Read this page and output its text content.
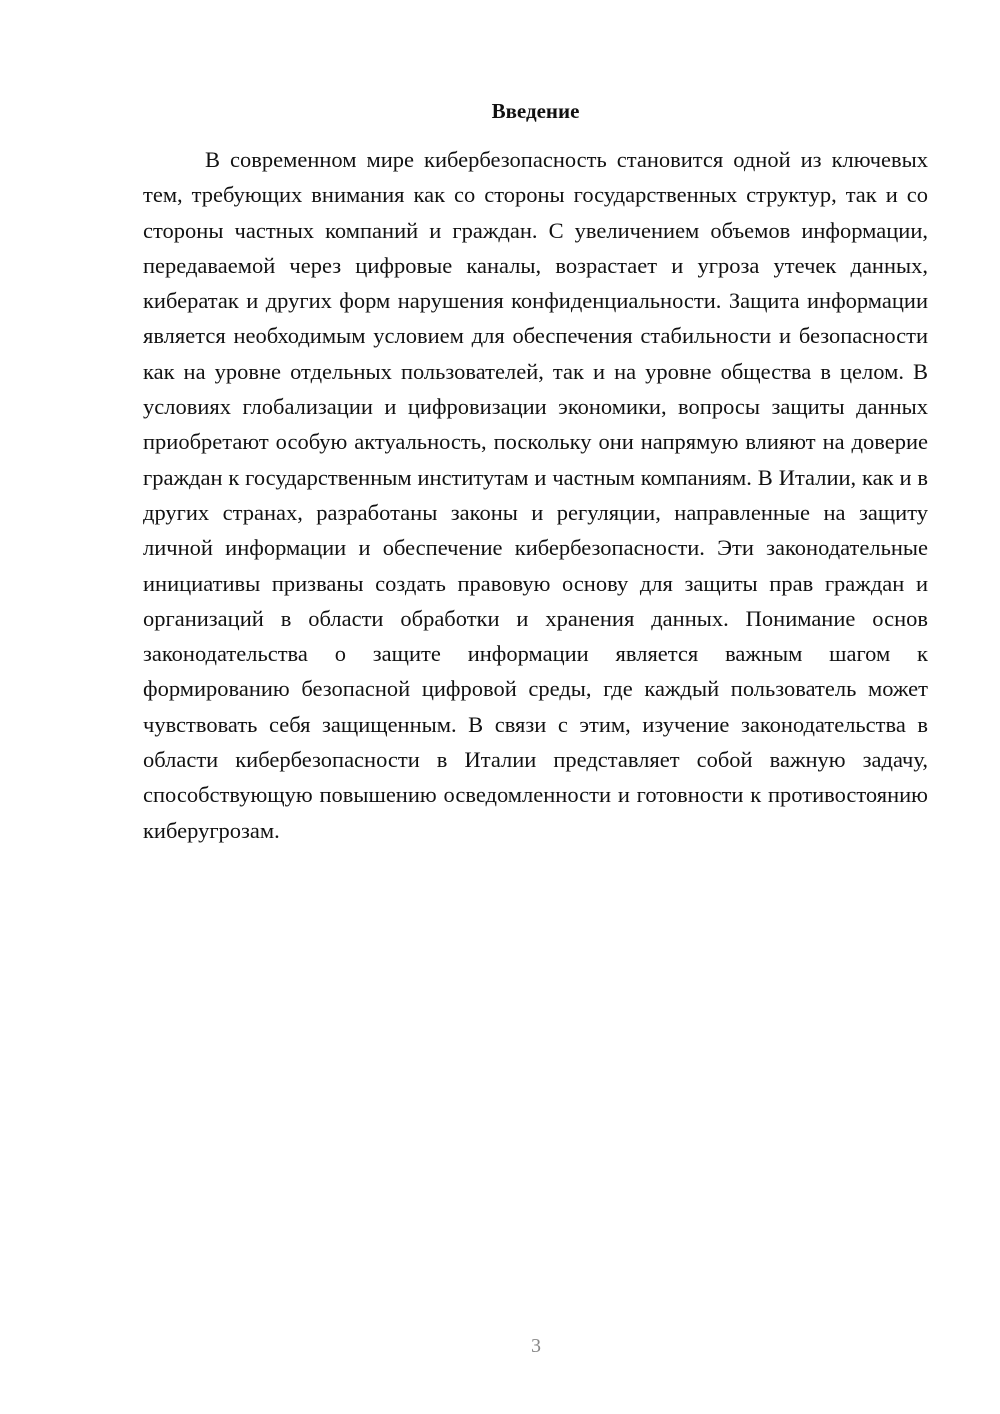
Введение

В современном мире кибербезопасность становится одной из ключевых тем, требующих внимания как со стороны государственных структур, так и со стороны частных компаний и граждан. С увеличением объемов информации, передаваемой через цифровые каналы, возрастает и угроза утечек данных, кибератак и других форм нарушения конфиденциальности. Защита информации является необходимым условием для обеспечения стабильности и безопасности как на уровне отдельных пользователей, так и на уровне общества в целом. В условиях глобализации и цифровизации экономики, вопросы защиты данных приобретают особую актуальность, поскольку они напрямую влияют на доверие граждан к государственным институтам и частным компаниям. В Италии, как и в других странах, разработаны законы и регуляции, направленные на защиту личной информации и обеспечение кибербезопасности. Эти законодательные инициативы призваны создать правовую основу для защиты прав граждан и организаций в области обработки и хранения данных. Понимание основ законодательства о защите информации является важным шагом к формированию безопасной цифровой среды, где каждый пользователь может чувствовать себя защищенным. В связи с этим, изучение законодательства в области кибербезопасности в Италии представляет собой важную задачу, способствующую повышению осведомленности и готовности к противостоянию киберугрозам.

3
